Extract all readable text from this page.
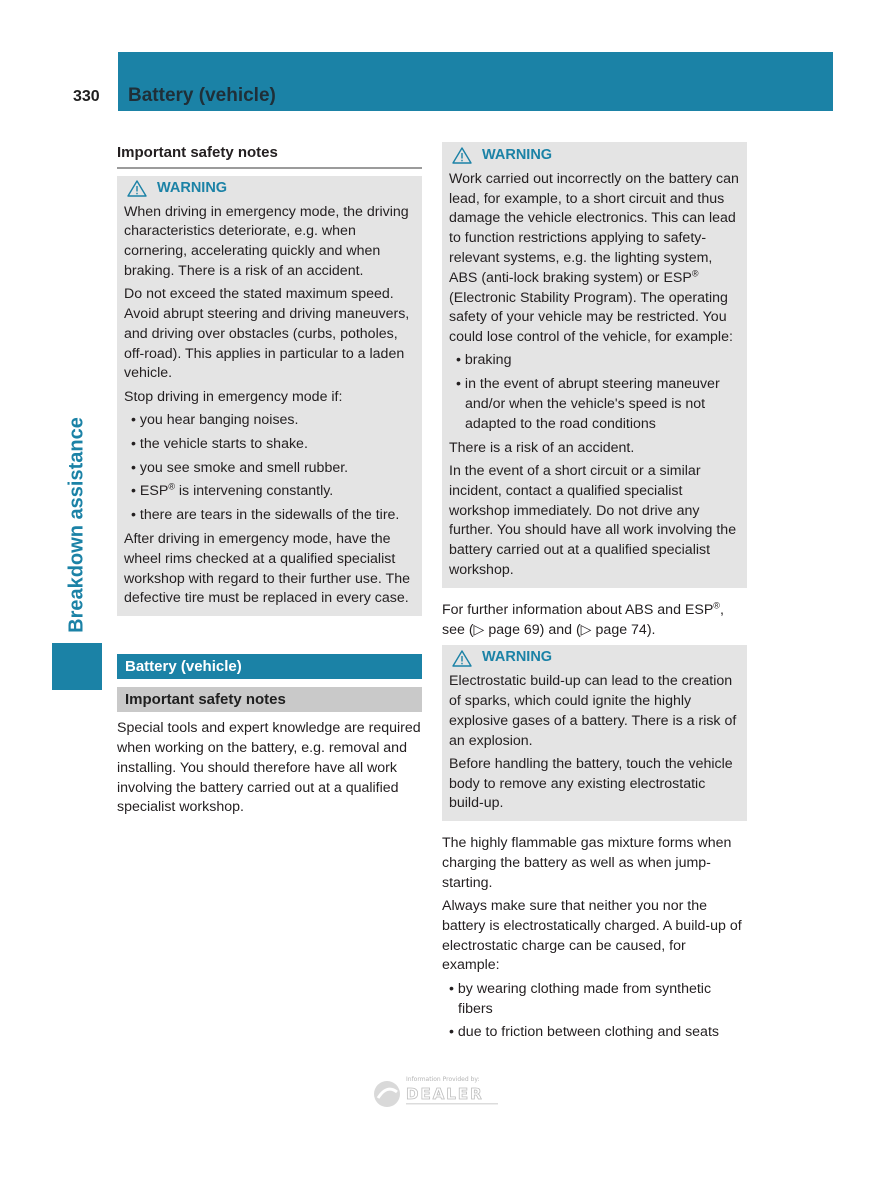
330 Battery (vehicle)
Breakdown assistance
Important safety notes
WARNING

When driving in emergency mode, the driving characteristics deteriorate, e.g. when cornering, accelerating quickly and when braking. There is a risk of an accident.

Do not exceed the stated maximum speed. Avoid abrupt steering and driving maneuvers, and driving over obstacles (curbs, potholes, off-road). This applies in particular to a laden vehicle.

Stop driving in emergency mode if:

• you hear banging noises.
• the vehicle starts to shake.
• you see smoke and smell rubber.
• ESP® is intervening constantly.
• there are tears in the sidewalls of the tire.

After driving in emergency mode, have the wheel rims checked at a qualified specialist workshop with regard to their further use. The defective tire must be replaced in every case.

Battery (vehicle)
Important safety notes

Special tools and expert knowledge are required when working on the battery, e.g. removal and installing. You should therefore have all work involving the battery carried out at a qualified specialist workshop.

WARNING

Work carried out incorrectly on the battery can lead, for example, to a short circuit and thus damage the vehicle electronics. This can lead to function restrictions applying to safety-relevant systems, e.g. the lighting system, ABS (anti-lock braking system) or ESP® (Electronic Stability Program). The operating safety of your vehicle may be restricted. You could lose control of the vehicle, for example:

• braking
• in the event of abrupt steering maneuver and/or when the vehicle's speed is not adapted to the road conditions

There is a risk of an accident.

In the event of a short circuit or a similar incident, contact a qualified specialist workshop immediately. Do not drive any further. You should have all work involving the battery carried out at a qualified specialist workshop.

For further information about ABS and ESP®, see (▷ page 69) and (▷ page 74).

WARNING

Electrostatic build-up can lead to the creation of sparks, which could ignite the highly explosive gases of a battery. There is a risk of an explosion.

Before handling the battery, touch the vehicle body to remove any existing electrostatic build-up.

The highly flammable gas mixture forms when charging the battery as well as when jump-starting.

Always make sure that neither you nor the battery is electrostatically charged. A build-up of electrostatic charge can be caused, for example:

• by wearing clothing made from synthetic fibers
• due to friction between clothing and seats
Information Provided by:
DEALER
